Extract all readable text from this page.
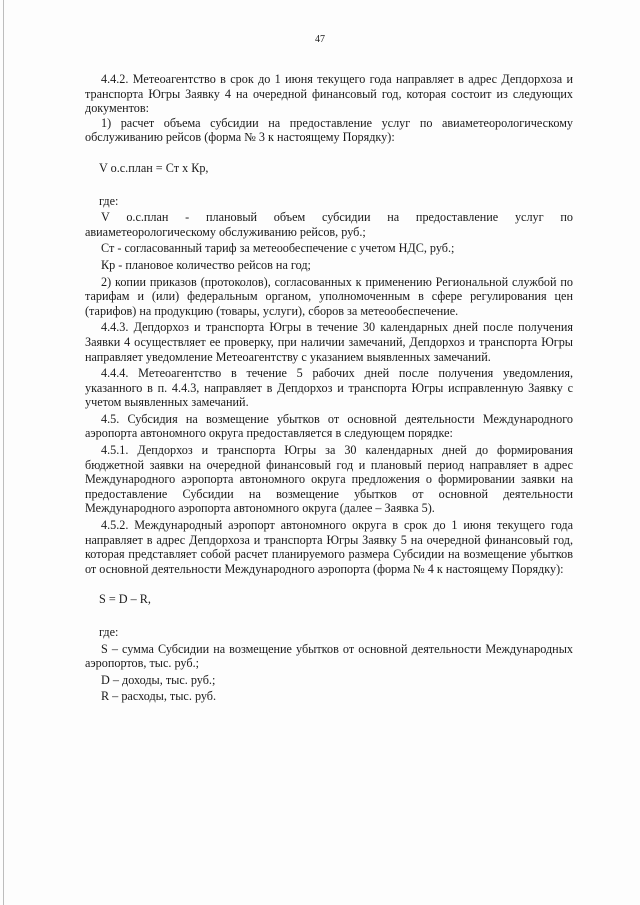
47

4.4.2. Метеоагентство в срок до 1 июня текущего года направляет в адрес Депдорхоза и транспорта Югры Заявку 4 на очередной финансовый год, которая состоит из следующих документов:

1) расчет объема субсидии на предоставление услуг по авиаметеорологическому обслуживанию рейсов (форма № 3 к настоящему Порядку):

V о.с.план = Ст х Кр,

где:

V о.с.план - плановый объем субсидии на предоставление услуг по авиаметеорологическому обслуживанию рейсов, руб.;

Ст - согласованный тариф за метеообеспечение с учетом НДС, руб.;

Кр - плановое количество рейсов на год;

2) копии приказов (протоколов), согласованных к применению Региональной службой по тарифам и (или) федеральным органом, уполномоченным в сфере регулирования цен (тарифов) на продукцию (товары, услуги), сборов за метеообеспечение.

4.4.3. Депдорхоз и транспорта Югры в течение 30 календарных дней после получения Заявки 4 осуществляет ее проверку, при наличии замечаний, Депдорхоз и транспорта Югры направляет уведомление Метеоагентству с указанием выявленных замечаний.

4.4.4. Метеоагентство в течение 5 рабочих дней после получения уведомления, указанного в п. 4.4.3, направляет в Депдорхоз и транспорта Югры исправленную Заявку с учетом выявленных замечаний.

4.5. Субсидия на возмещение убытков от основной деятельности Международного аэропорта автономного округа предоставляется в следующем порядке:

4.5.1. Депдорхоз и транспорта Югры за 30 календарных дней до формирования бюджетной заявки на очередной финансовый год и плановый период направляет в адрес Международного аэропорта автономного округа предложения о формировании заявки на предоставление Субсидии на возмещение убытков от основной деятельности Международного аэропорта автономного округа (далее – Заявка 5).

4.5.2. Международный аэропорт автономного округа в срок до 1 июня текущего года направляет в адрес Депдорхоза и транспорта Югры Заявку 5 на очередной финансовый год, которая представляет собой расчет планируемого размера Субсидии на возмещение убытков от основной деятельности Международного аэропорта (форма № 4 к настоящему Порядку):

S = D – R,

где:

S – сумма Субсидии на возмещение убытков от основной деятельности Международных аэропортов, тыс. руб.;

D – доходы, тыс. руб.;

R – расходы, тыс. руб.
